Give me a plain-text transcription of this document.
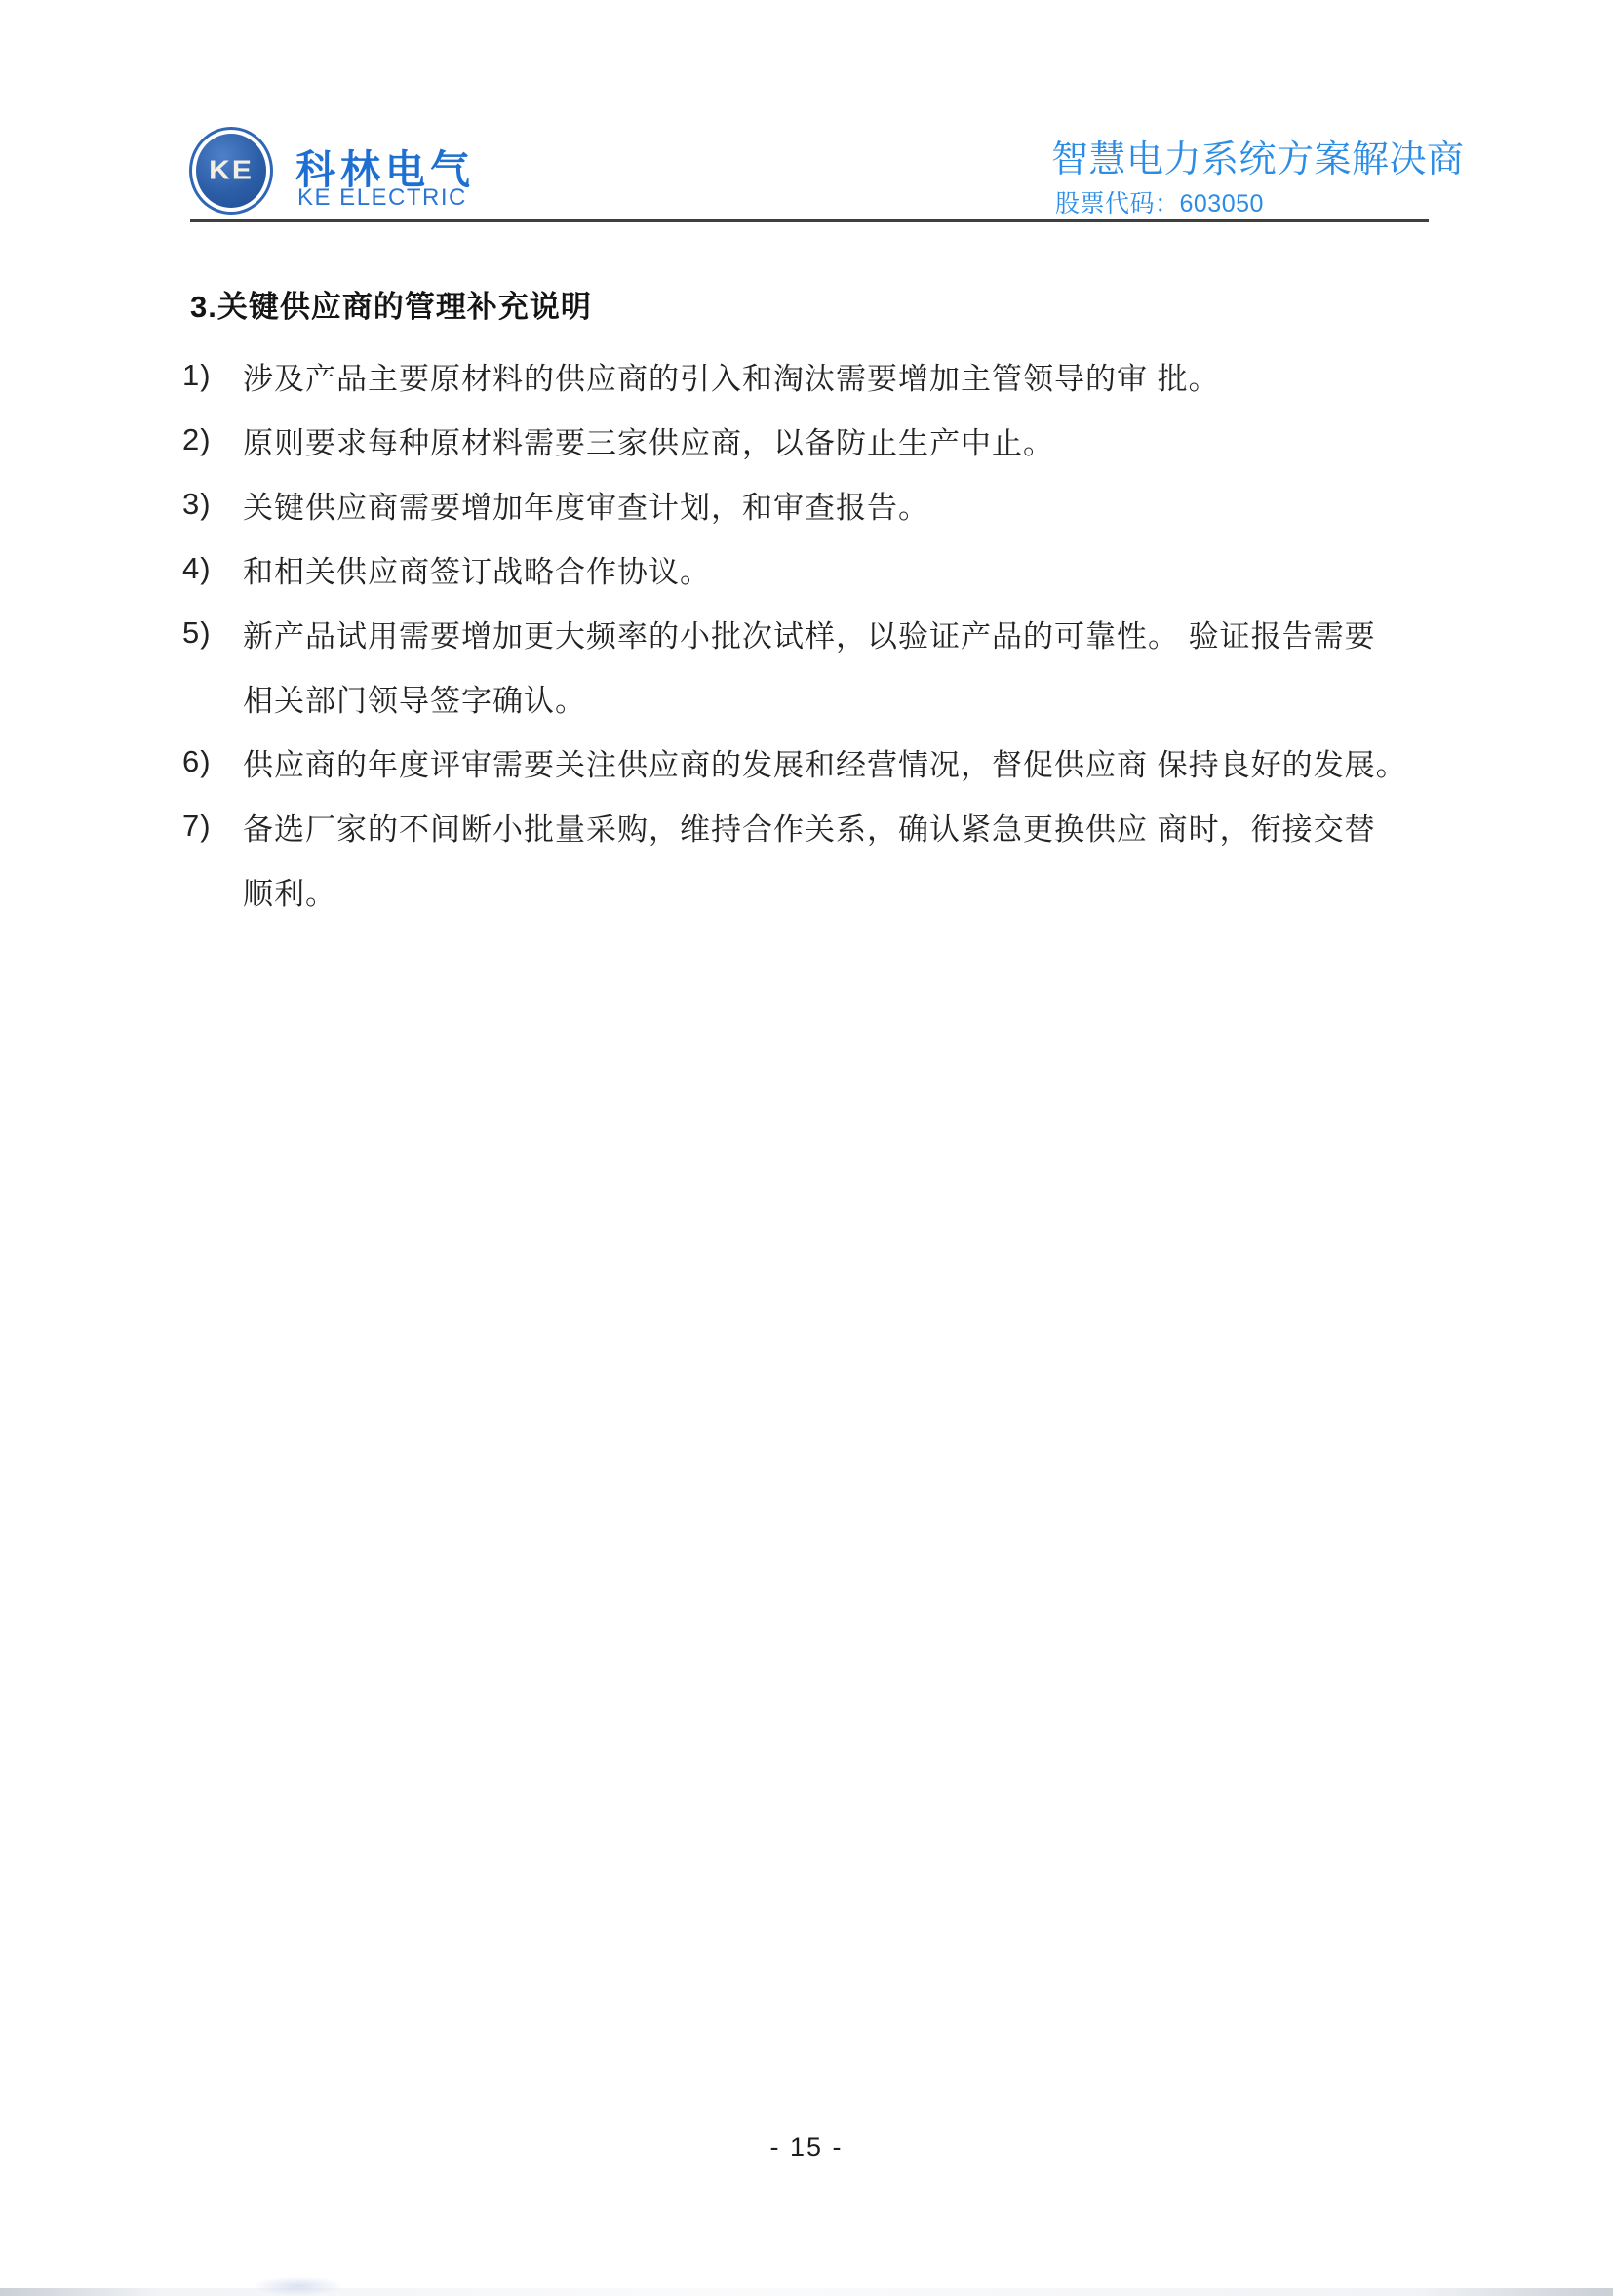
KE 科林电气
KE ELECTRIC
智慧电力系统方案解决商
股票代码：603050
3.关键供应商的管理补充说明
1)	涉及产品主要原材料的供应商的引入和淘汰需要增加主管领导的审 批。
2)	原则要求每种原材料需要三家供应商，以备防止生产中止。
3)	关键供应商需要增加年度审查计划，和审查报告。
4)	和相关供应商签订战略合作协议。
5)	新产品试用需要增加更大频率的小批次试样，以验证产品的可靠性。 验证报告需要
相关部门领导签字确认。
6)	供应商的年度评审需要关注供应商的发展和经营情况，督促供应商 保持良好的发展。
7)	备选厂家的不间断小批量采购，维持合作关系，确认紧急更换供应 商时，衔接交替
顺利。
- 15 -
